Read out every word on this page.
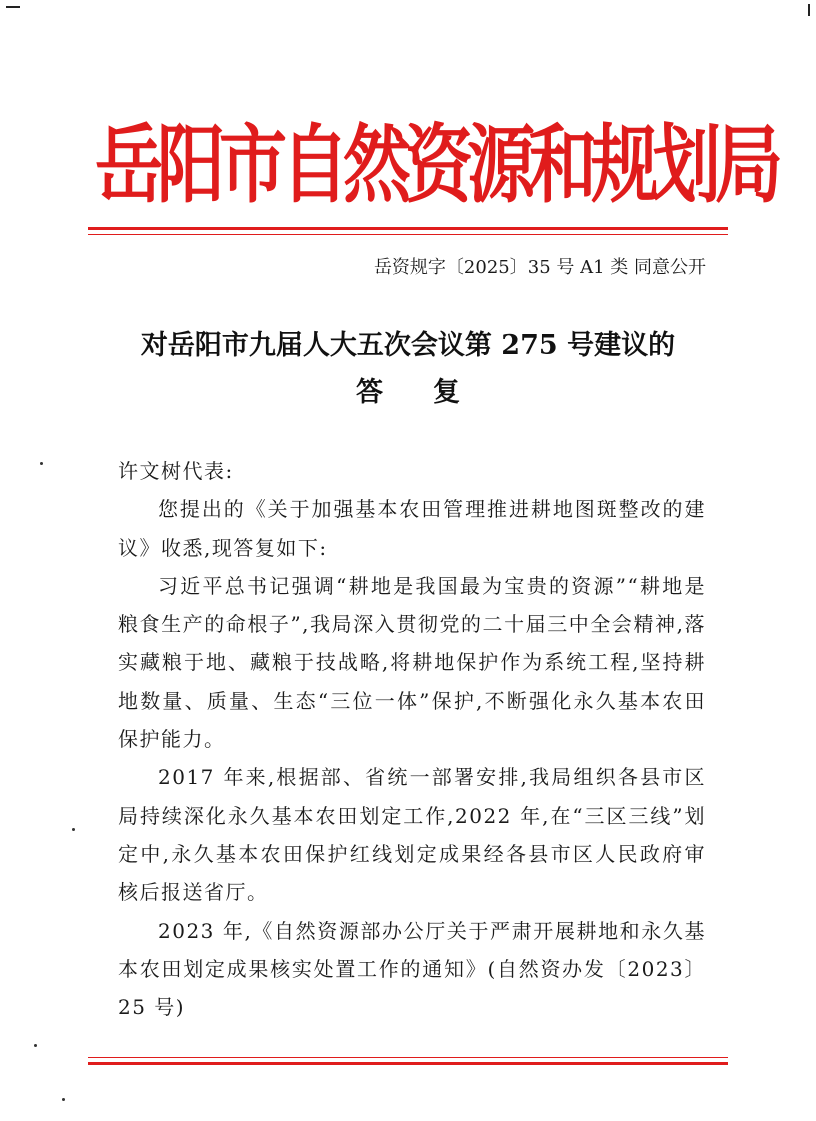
岳阳市自然资源和规划局
岳资规字〔2025〕35 号 A1 类 同意公开
对岳阳市九届人大五次会议第 275 号建议的
答复

许文树代表:

您提出的《关于加强基本农田管理推进耕地图斑整改的建议》收悉,现答复如下:

习近平总书记强调“耕地是我国最为宝贵的资源”“耕地是粮食生产的命根子”,我局深入贯彻党的二十届三中全会精神,落实藏粮于地、藏粮于技战略,将耕地保护作为系统工程,坚持耕地数量、质量、生态“三位一体”保护,不断强化永久基本农田保护能力。

2017 年来,根据部、省统一部署安排,我局组织各县市区局持续深化永久基本农田划定工作,2022 年,在“三区三线”划定中,永久基本农田保护红线划定成果经各县市区人民政府审核后报送省厅。

2023 年,《自然资源部办公厅关于严肃开展耕地和永久基本农田划定成果核实处置工作的通知》(自然资办发〔2023〕25 号)
